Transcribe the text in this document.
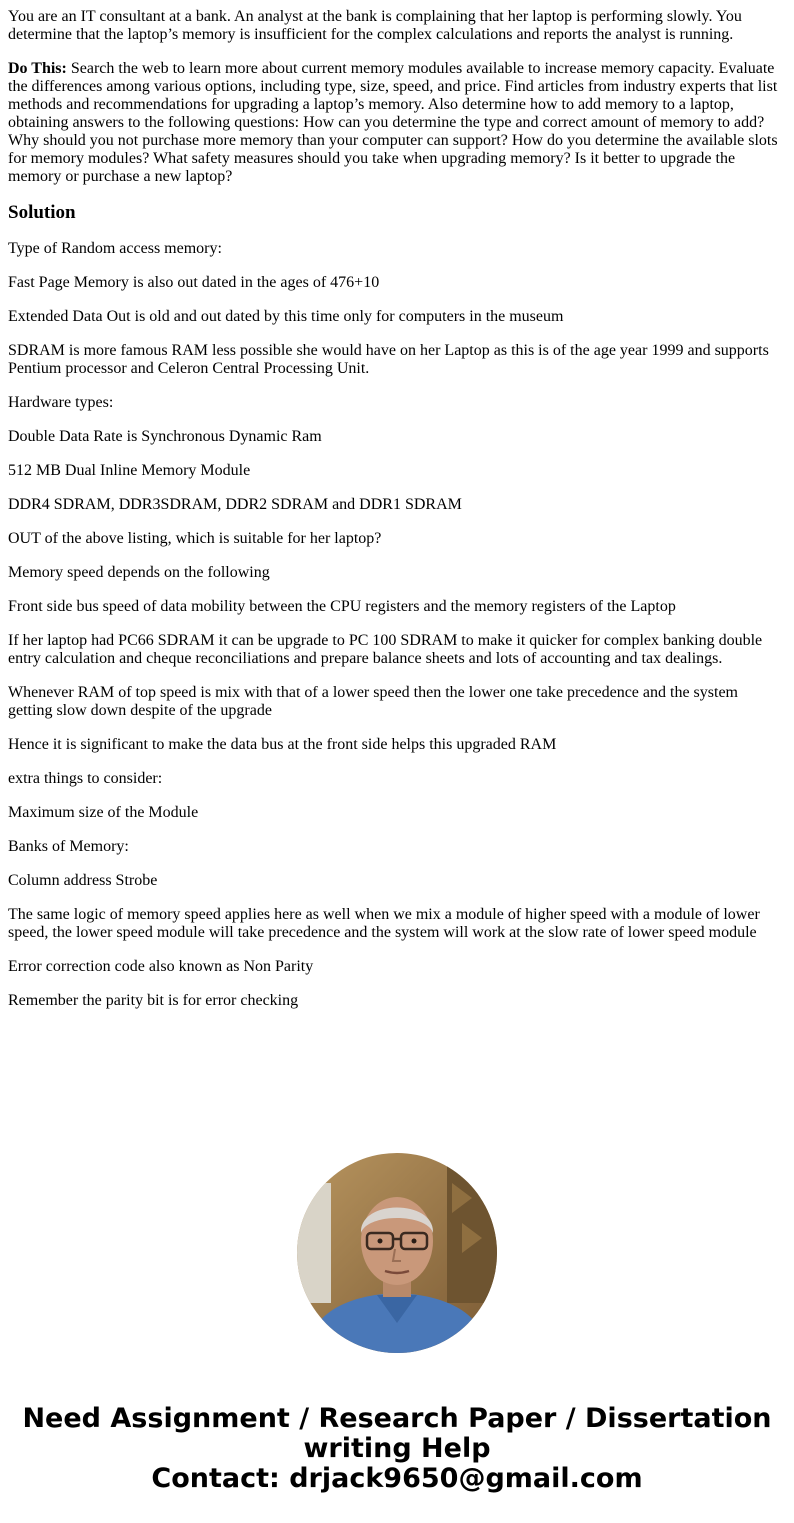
You are an IT consultant at a bank. An analyst at the bank is complaining that her laptop is performing slowly. You determine that the laptop’s memory is insufficient for the complex calculations and reports the analyst is running.

Do This: Search the web to learn more about current memory modules available to increase memory capacity. Evaluate the differences among various options, including type, size, speed, and price. Find articles from industry experts that list methods and recommendations for upgrading a laptop’s memory. Also determine how to add memory to a laptop, obtaining answers to the following questions: How can you determine the type and correct amount of memory to add? Why should you not purchase more memory than your computer can support? How do you determine the available slots for memory modules? What safety measures should you take when upgrading memory? Is it better to upgrade the memory or purchase a new laptop?

Solution

Type of Random access memory:

Fast Page Memory is also out dated in the ages of 476+10

Extended Data Out is old and out dated by this time only for computers in the museum

SDRAM is more famous RAM less possible she would have on her Laptop as this is of the age year 1999 and supports Pentium processor and Celeron Central Processing Unit.

Hardware types:

Double Data Rate is Synchronous Dynamic Ram

512 MB Dual Inline Memory Module

DDR4 SDRAM, DDR3SDRAM, DDR2 SDRAM and DDR1 SDRAM

OUT of the above listing, which is suitable for her laptop?

Memory speed depends on the following

Front side bus speed of data mobility between the CPU registers and the memory registers of the Laptop

If her laptop had PC66 SDRAM it can be upgrade to PC 100 SDRAM to make it quicker for complex banking double entry calculation and cheque reconciliations and prepare balance sheets and lots of accounting and tax dealings.

Whenever RAM of top speed is mix with that of a lower speed then the lower one take precedence and the system getting slow down despite of the upgrade

Hence it is significant to make the data bus at the front side helps this upgraded RAM

extra things to consider:

Maximum size of the Module

Banks of Memory:

Column address Strobe

The same logic of memory speed applies here as well when we mix a module of higher speed with a module of lower speed, the lower speed module will take precedence and the system will work at the slow rate of lower speed module

Error correction code also known as Non Parity

Remember the parity bit is for error checking

Need Assignment / Research Paper / Dissertation
writing Help
Contact: drjack9650@gmail.com
